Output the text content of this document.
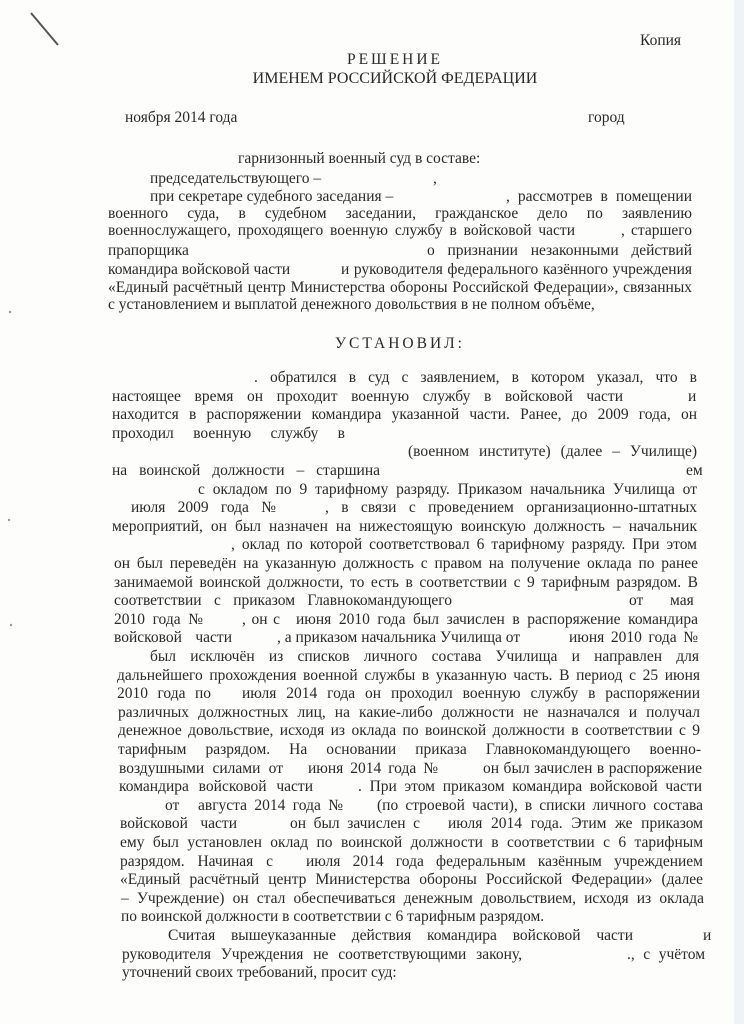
Копия
РЕШЕНИЕ
ИМЕНЕМ РОССИЙСКОЙ ФЕДЕРАЦИИ
ноября 2014 года	город
УСТАНОВИЛ:
гарнизонный военный суд в составе:
председательствующего –	,
при секретаре судебного заседания –	, рассмотрев в помещении
военного суда, в судебном заседании, гражданское дело по заявлению
военнослужащего, проходящего военную службу в войсковой части	, старшего
прапорщика	о признании незаконными действий
командира войсковой части	и руководителя федерального казённого учреждения
«Единый расчётный центр Министерства обороны Российской Федерации», связанных
с установлением и выплатой денежного довольствия в не полном объёме,
. обратился в суд с заявлением, в котором указал, что в
настоящее время он проходит военную службу в войсковой части	и
находится в распоряжении командира указанной части. Ранее, до 2009 года, он
проходил военную службу в
(военном институте) (далее – Училище)
на воинской должности – старшина	ем
с окладом по 9 тарифному разряду. Приказом начальника Училища от
июля 2009 года №	, в связи с проведением организационно-штатных
мероприятий, он был назначен на нижестоящую воинскую должность – начальник
, оклад по которой соответствовал 6 тарифному разряду. При этом
он был переведён на указанную должность с правом на получение оклада по ранее
занимаемой воинской должности, то есть в соответствии с 9 тарифным разрядом. В
соответствии с приказом Главнокомандующего	от мая
2010 года №	, он с июня 2010 года был зачислен в распоряжение командира
войсковой части	, а приказом начальника Училища от	июня 2010 года №
был исключён из списков личного состава Училища и направлен для
дальнейшего прохождения военной службы в указанную часть. В период с 25 июня
2010 года по июля 2014 года он проходил военную службу в распоряжении
различных должностных лиц, на какие-либо должности не назначался и получал
денежное довольствие, исходя из оклада по воинской должности в соответствии с 9
тарифным разрядом. На основании приказа Главнокомандующего военно-
воздушными силами от июня 2014 года №	он был зачислен в распоряжение
командира войсковой части	. При этом приказом командира войсковой части
от августа 2014 года № (по строевой части), в списки личного состава
войсковой части	он был зачислен с июля 2014 года. Этим же приказом
ему был установлен оклад по воинской должности в соответствии с 6 тарифным
разрядом. Начиная с июля 2014 года федеральным казённым учреждением
«Единый расчётный центр Министерства обороны Российской Федерации» (далее
– Учреждение) он стал обеспечиваться денежным довольствием, исходя из оклада
по воинской должности в соответствии с 6 тарифным разрядом.
Считая вышеуказанные действия командира войсковой части	и
руководителя Учреждения не соответствующими закону,	., с учётом
уточнений своих требований, просит суд:
